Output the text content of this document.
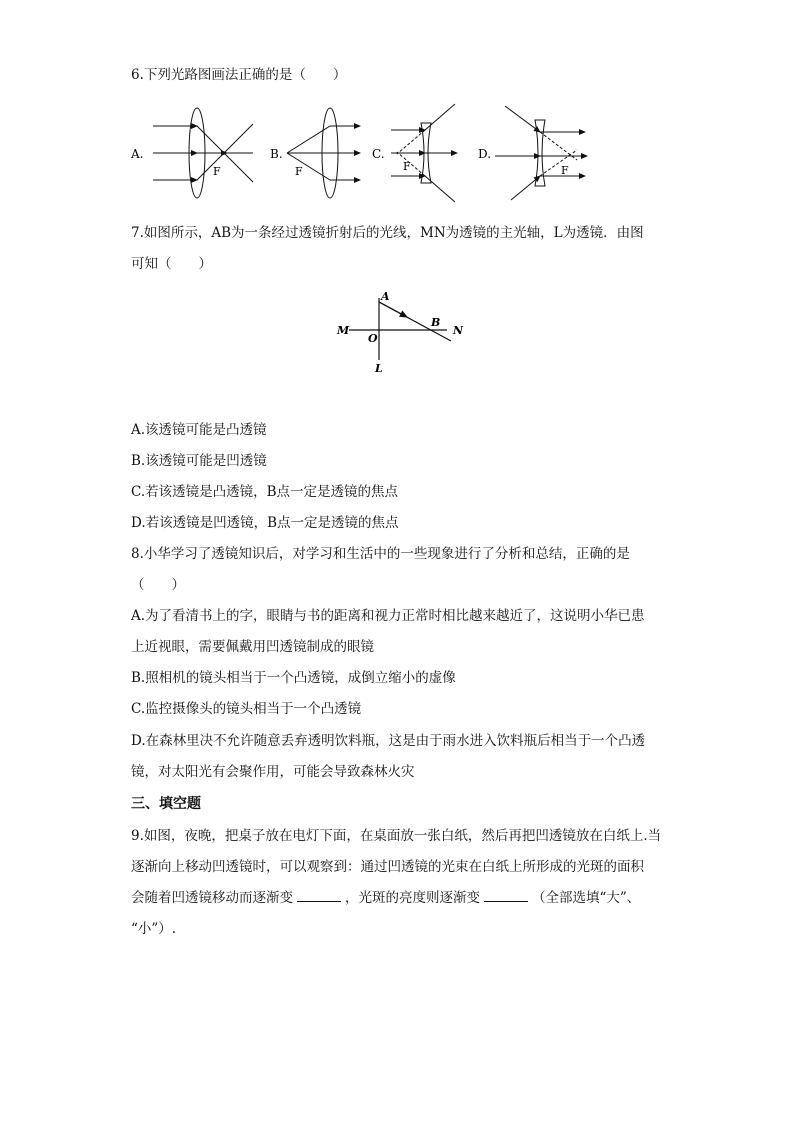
6.下列光路图画法正确的是（　　）
A.
F
B.
F
C.
F
D.
F
7.如图所示，AB为一条经过透镜折射后的光线，MN为透镜的主光轴，L为透镜．由图
可知（　　）
A
B
M	N
O
L
A.该透镜可能是凸透镜
B.该透镜可能是凹透镜
C.若该透镜是凸透镜，B点一定是透镜的焦点
D.若该透镜是凹透镜，B点一定是透镜的焦点
8.小华学习了透镜知识后，对学习和生活中的一些现象进行了分析和总结，正确的是
（　　）
A.为了看清书上的字，眼睛与书的距离和视力正常时相比越来越近了，这说明小华已患
上近视眼，需要佩戴用凹透镜制成的眼镜
B.照相机的镜头相当于一个凸透镜，成倒立缩小的虚像
C.监控摄像头的镜头相当于一个凸透镜
D.在森林里决不允许随意丢弃透明饮料瓶，这是由于雨水进入饮料瓶后相当于一个凸透
镜，对太阳光有会聚作用，可能会导致森林火灾
三、填空题
9.如图，夜晚，把桌子放在电灯下面，在桌面放一张白纸，然后再把凹透镜放在白纸上.当
逐渐向上移动凹透镜时，可以观察到：通过凹透镜的光束在白纸上所形成的光斑的面积
会随着凹透镜移动而逐渐变	，光斑的亮度则逐渐变	（全部选填“大”、
“小”）.
